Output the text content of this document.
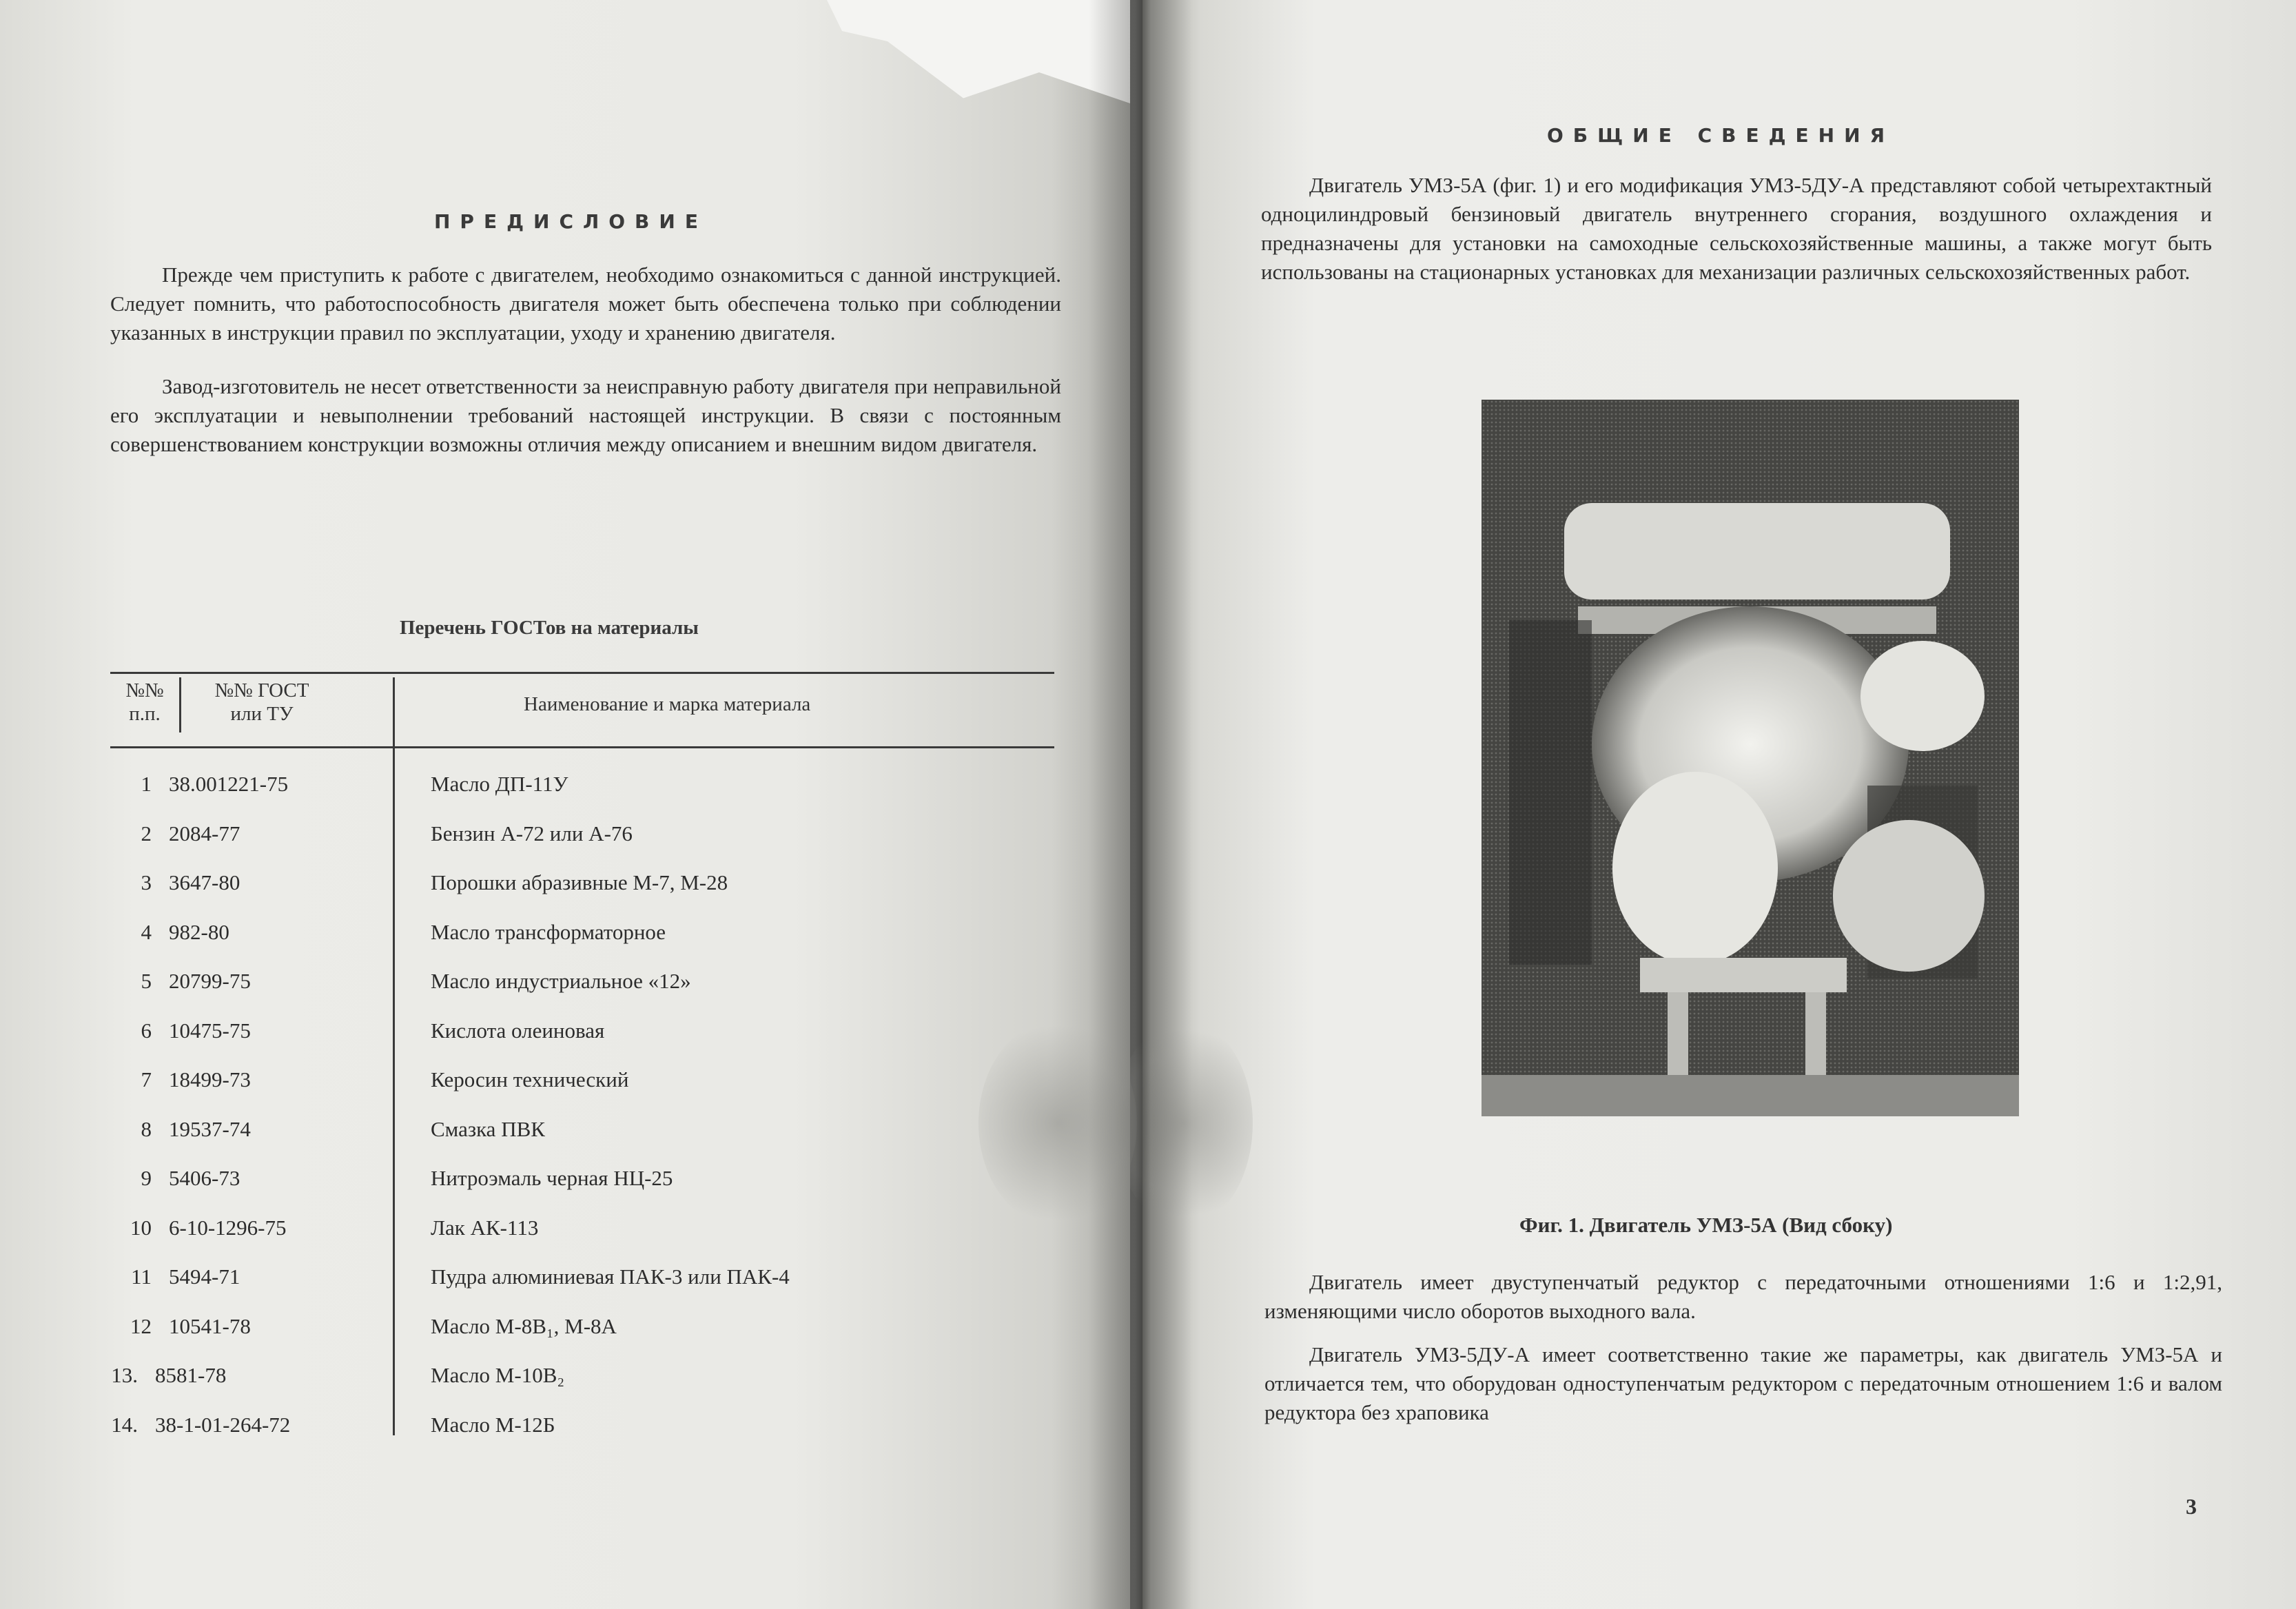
ПРЕДИСЛОВИЕ
Прежде чем приступить к работе с двигателем, необходимо ознакомиться с данной инструкцией. Следует помнить, что работоспособность двигателя может быть обеспечена только при соблюдении указанных в инструкции правил по эксплуатации, уходу и хранению двигателя.
Завод-изготовитель не несет ответственности за неисправную работу двигателя при неправильной его эксплуатации и невыполнении требований настоящей инструкции. В связи с постоянным совершенствованием конструкции возможны отличия между описанием и внешним видом двигателя.
Перечень ГОСТов на материалы
№№
п.п.
№№ ГОСТ
или ТУ	Наименование и марка материала
1 38.001221-75	Масло ДП-11У
2 2084-77	Бензин А-72 или А-76
3 3647-80	Порошки абразивные М-7, М-28
4 982-80	Масло трансформаторное
5 20799-75	Масло индустриальное «12»
6 10475-75	Кислота олеиновая
7 18499-73	Керосин технический
8 19537-74	Смазка ПВК
9 5406-73	Нитроэмаль черная НЦ-25
10 6-10-1296-75	Лак АК-113
11 5494-71	Пудра алюминиевая ПАК-3 или ПАК-4
12 10541-78	Масло М-8В₁, М-8А
13. 8581-78	Масло М-10В₂
14. 38-1-01-264-72	Масло М-12Б
ОБЩИЕ СВЕДЕНИЯ
Двигатель УМЗ-5А (фиг. 1) и его модификация УМЗ-5ДУ-А представляют собой четырехтактный одноцилиндровый бензиновый двигатель внутреннего сгорания, воздушного охлаждения и предназначены для установки на самоходные сельскохозяйственные машины, а также могут быть использованы на стационарных установках для механизации различных сельскохозяйственных работ.
Фиг. 1. Двигатель УМЗ-5А (Вид сбоку)
Двигатель имеет двуступенчатый редуктор с передаточными отношениями 1:6 и 1:2,91, изменяющими число оборотов выходного вала.
Двигатель УМЗ-5ДУ-А имеет соответственно такие же параметры, как двигатель УМЗ-5А и отличается тем, что оборудован одноступенчатым редуктором с передаточным отношением 1:6 и валом редуктора без храповика
3
